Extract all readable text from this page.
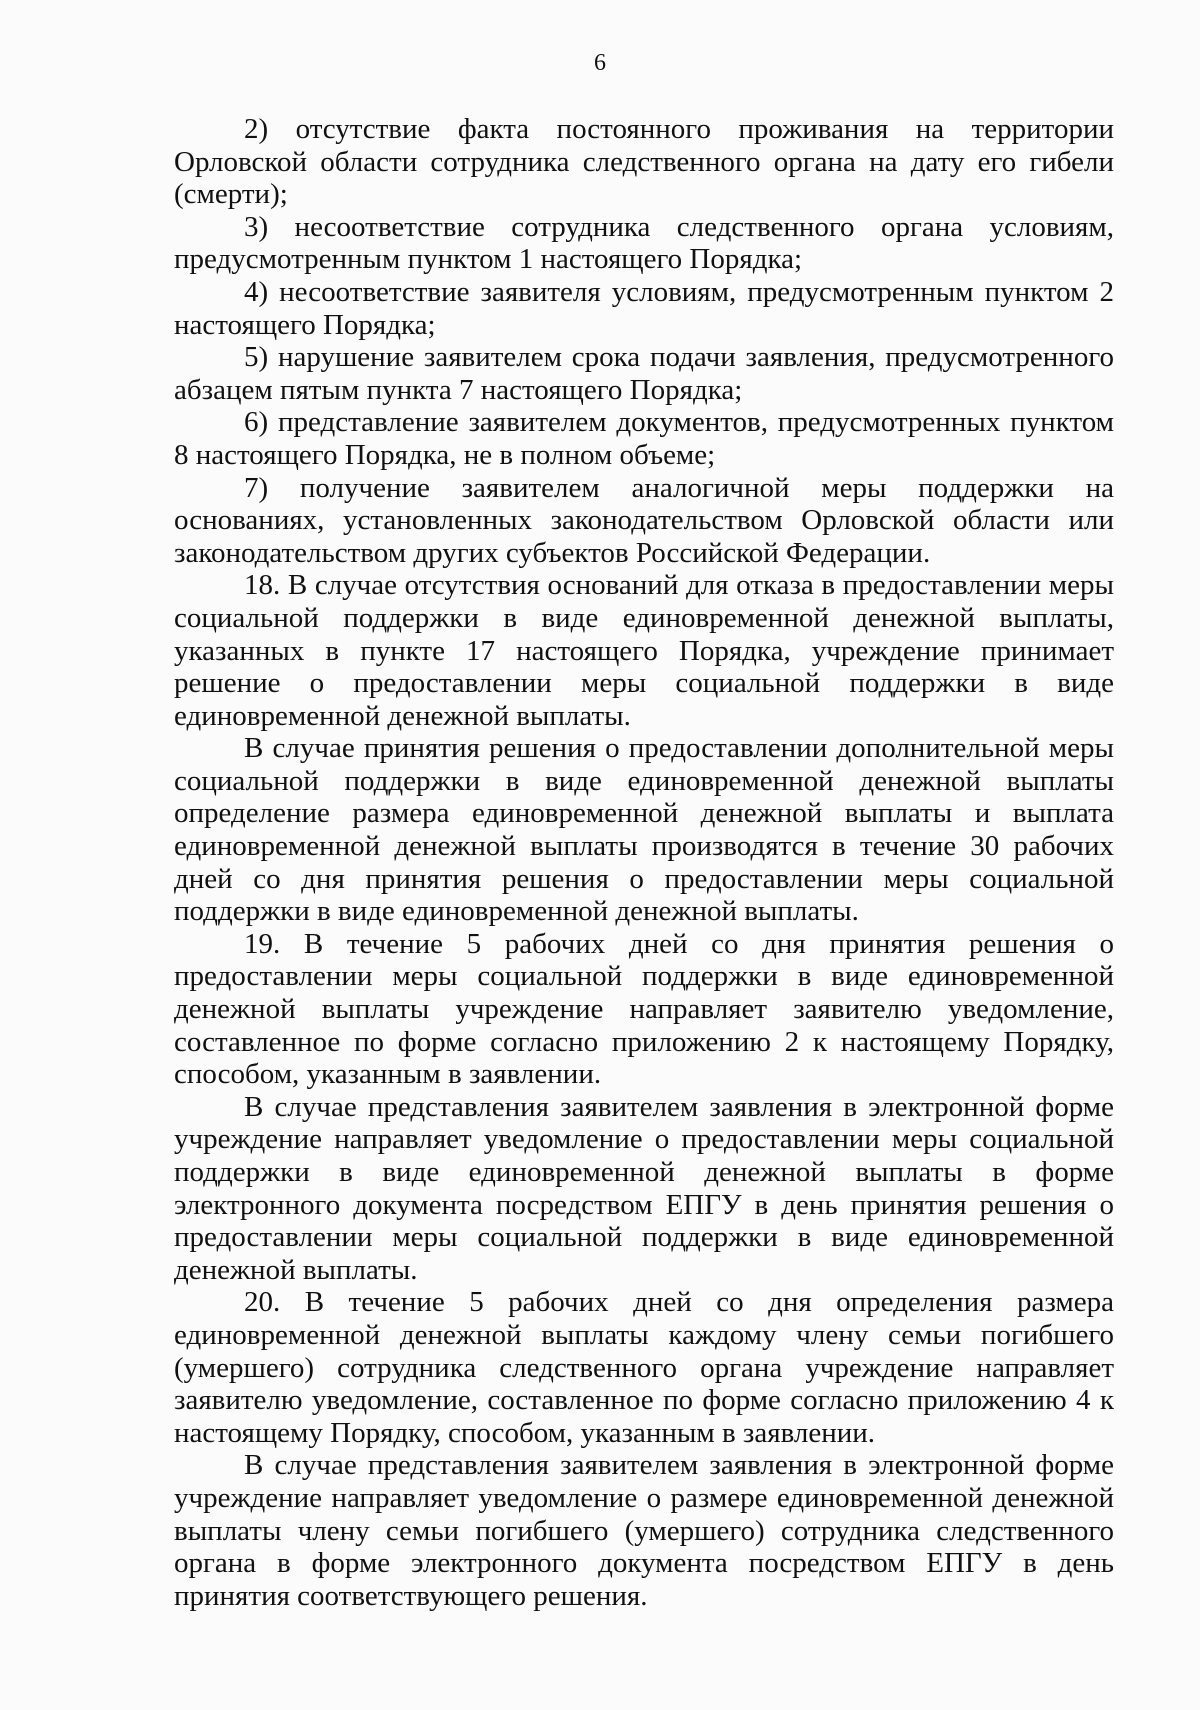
6

2) отсутствие факта постоянного проживания на территории Орловской области сотрудника следственного органа на дату его гибели (смерти);

3) несоответствие сотрудника следственного органа условиям, предусмотренным пунктом 1 настоящего Порядка;

4) несоответствие заявителя условиям, предусмотренным пунктом 2 настоящего Порядка;

5) нарушение заявителем срока подачи заявления, предусмотренного абзацем пятым пункта 7 настоящего Порядка;

6) представление заявителем документов, предусмотренных пунктом 8 настоящего Порядка, не в полном объеме;

7) получение заявителем аналогичной меры поддержки на основаниях, установленных законодательством Орловской области или законодательством других субъектов Российской Федерации.

18. В случае отсутствия оснований для отказа в предоставлении меры социальной поддержки в виде единовременной денежной выплаты, указанных в пункте 17 настоящего Порядка, учреждение принимает решение о предоставлении меры социальной поддержки в виде единовременной денежной выплаты.

В случае принятия решения о предоставлении дополнительной меры социальной поддержки в виде единовременной денежной выплаты определение размера единовременной денежной выплаты и выплата единовременной денежной выплаты производятся в течение 30 рабочих дней со дня принятия решения о предоставлении меры социальной поддержки в виде единовременной денежной выплаты.

19. В течение 5 рабочих дней со дня принятия решения о предоставлении меры социальной поддержки в виде единовременной денежной выплаты учреждение направляет заявителю уведомление, составленное по форме согласно приложению 2 к настоящему Порядку, способом, указанным в заявлении.

В случае представления заявителем заявления в электронной форме учреждение направляет уведомление о предоставлении меры социальной поддержки в виде единовременной денежной выплаты в форме электронного документа посредством ЕПГУ в день принятия решения о предоставлении меры социальной поддержки в виде единовременной денежной выплаты.

20. В течение 5 рабочих дней со дня определения размера единовременной денежной выплаты каждому члену семьи погибшего (умершего) сотрудника следственного органа учреждение направляет заявителю уведомление, составленное по форме согласно приложению 4 к настоящему Порядку, способом, указанным в заявлении.

В случае представления заявителем заявления в электронной форме учреждение направляет уведомление о размере единовременной денежной выплаты члену семьи погибшего (умершего) сотрудника следственного органа в форме электронного документа посредством ЕПГУ в день принятия соответствующего решения.
